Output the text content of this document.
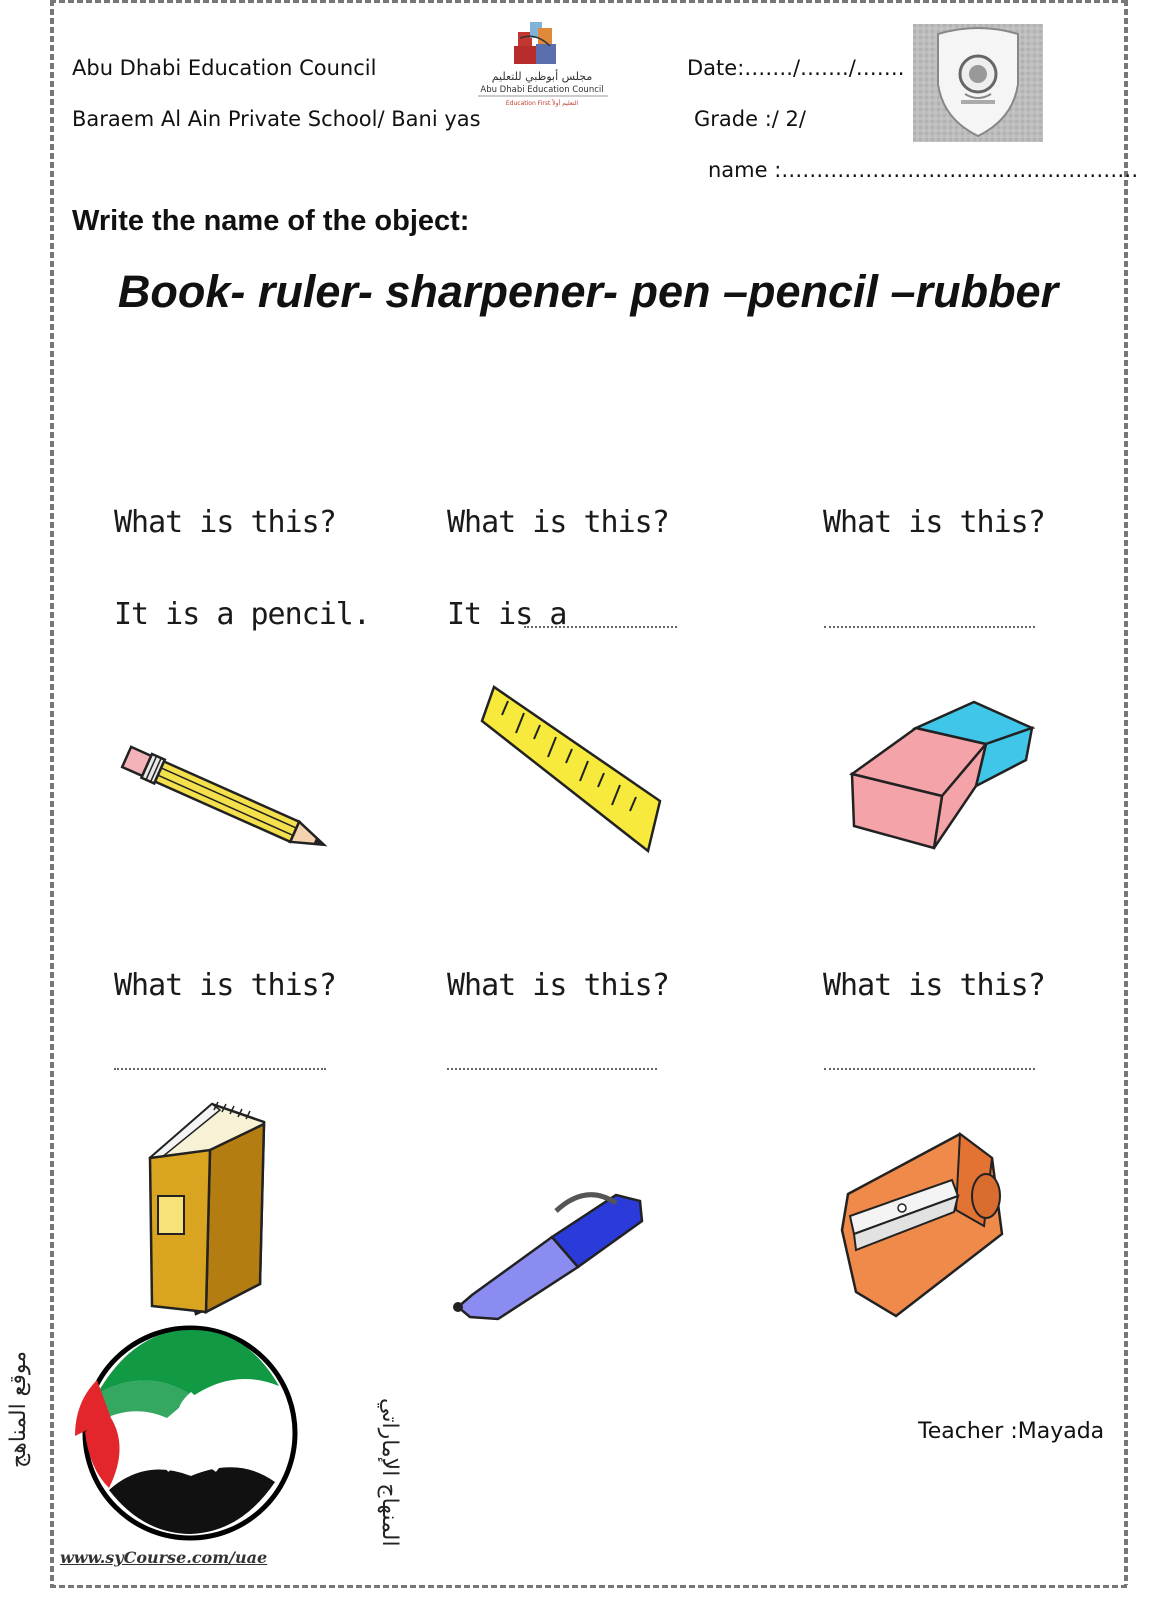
Abu Dhabi Education Council
Baraem Al Ain Private School/ Bani yas
Date:……./……./…….
Grade :/ 2/
name :……………………………………………
مجلس أبوظبي للتعليم
Abu Dhabi Education Council
Education First التعليم أولاً
Write the name of the object:
Book- ruler- sharpener- pen –pencil –rubber
What is this?
It is a pencil.
What is this?
It is a
What is this?
What is this?	What is this?	What is this?
Teacher :Mayada
موقع المناهج	المنهاج الإماراتي
www.syCourse.com/uae
